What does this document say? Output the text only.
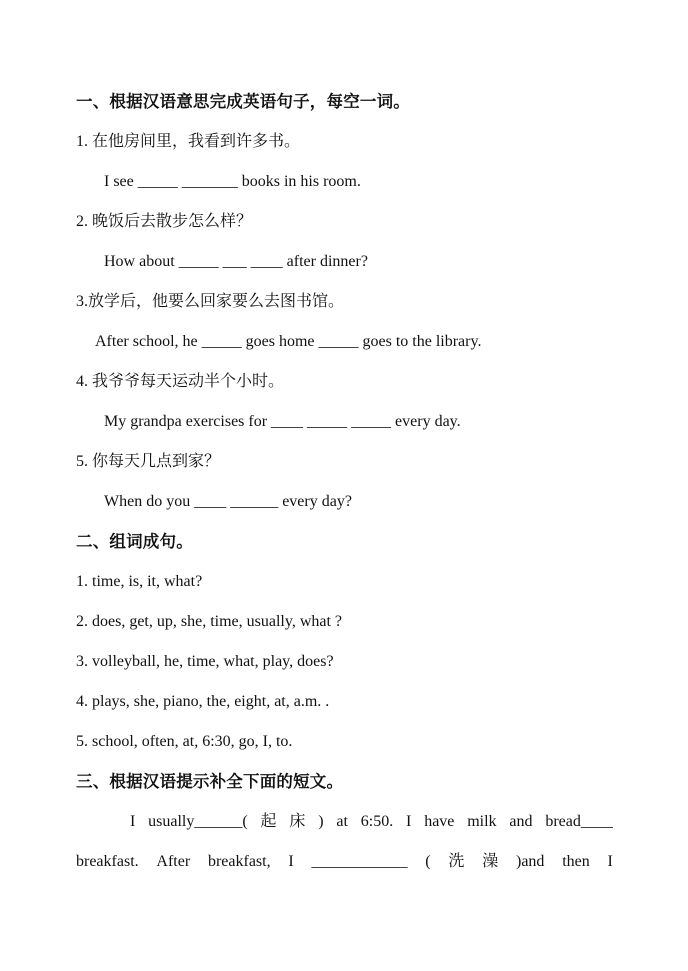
一、根据汉语意思完成英语句子，每空一词。
1. 在他房间里，我看到许多书。
I see _____ _______ books in his room.
2. 晚饭后去散步怎么样？
How about _____ ___ ____ after dinner?
3.放学后，他要么回家要么去图书馆。
After school, he _____ goes home _____ goes to the library.
4. 我爷爷每天运动半个小时。
My grandpa exercises for ____ _____ _____ every day.
5. 你每天几点到家？
When do you ____ ______ every day?
二、组词成句。
1. time, is, it, what?
2. does, get, up, she, time, usually, what ?
3. volleyball, he, time, what, play, does?
4. plays, she, piano, the, eight, at, a.m. .
5. school, often, at, 6:30, go, I, to.
三、根据汉语提示补全下面的短文。
I usually______( 起 床 ) at 6:50. I have milk and bread____
breakfast. After breakfast, I ____________ ( 洗 澡 )and then I
